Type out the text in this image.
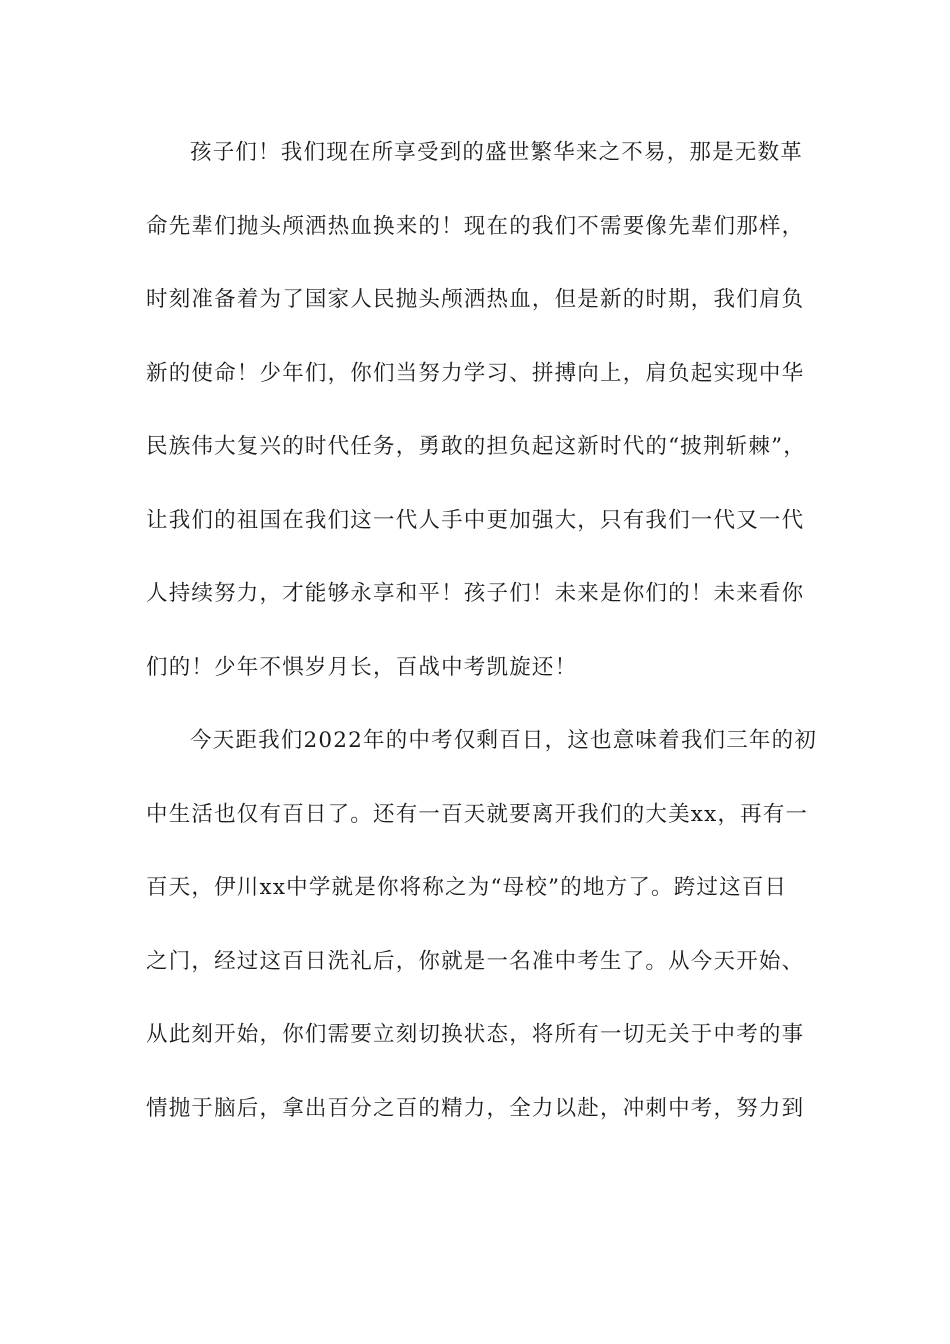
孩子们！我们现在所享受到的盛世繁华来之不易，那是无数革
命先辈们抛头颅洒热血换来的！现在的我们不需要像先辈们那样，
时刻准备着为了国家人民抛头颅洒热血，但是新的时期，我们肩负
新的使命！少年们，你们当努力学习、拼搏向上，肩负起实现中华
民族伟大复兴的时代任务，勇敢的担负起这新时代的“披荆斩棘”，
让我们的祖国在我们这一代人手中更加强大，只有我们一代又一代
人持续努力，才能够永享和平！孩子们！未来是你们的！未来看你
们的！少年不惧岁月长，百战中考凯旋还！
今天距我们2022年的中考仅剩百日，这也意味着我们三年的初
中生活也仅有百日了。还有一百天就要离开我们的大美xx，再有一
百天，伊川xx中学就是你将称之为“母校”的地方了。跨过这百日
之门，经过这百日洗礼后，你就是一名准中考生了。从今天开始、
从此刻开始，你们需要立刻切换状态，将所有一切无关于中考的事
情抛于脑后，拿出百分之百的精力，全力以赴，冲刺中考，努力到
